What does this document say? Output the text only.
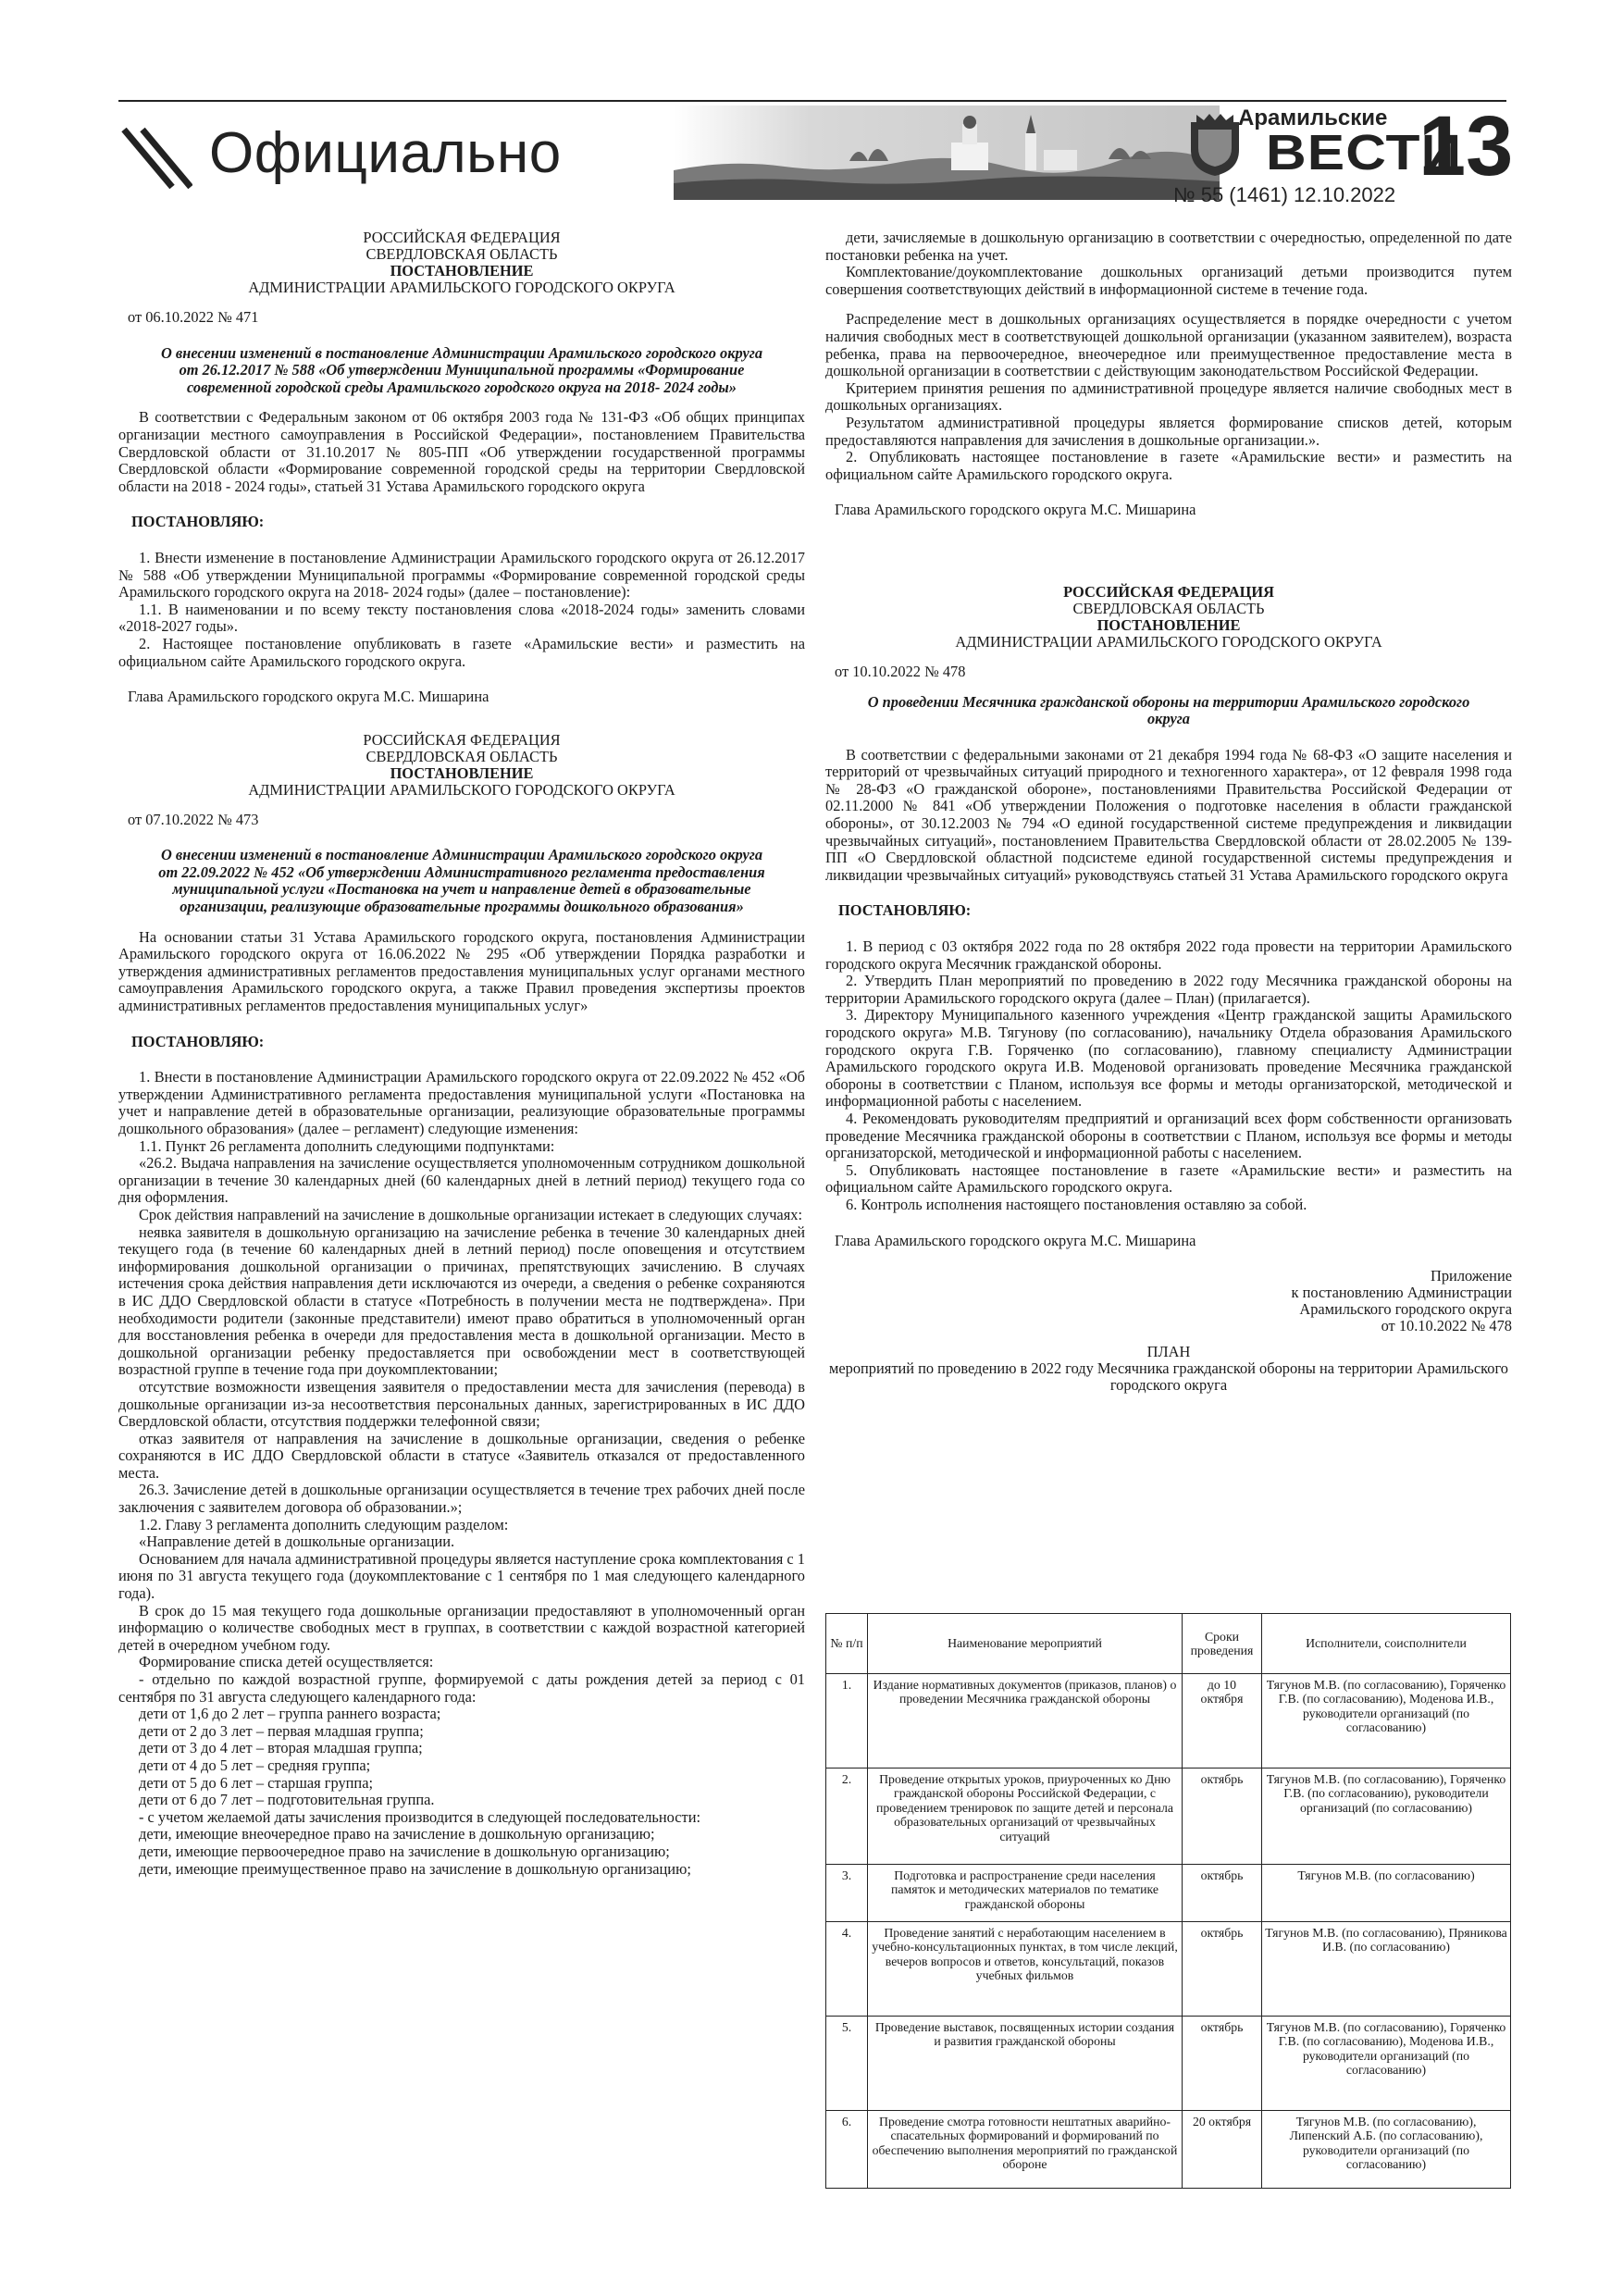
Официально
Арамильские
ВЕСТИ
13
№ 55 (1461) 12.10.2022

РОССИЙСКАЯ ФЕДЕРАЦИЯ

СВЕРДЛОВСКАЯ ОБЛАСТЬ

ПОСТАНОВЛЕНИЕ

АДМИНИСТРАЦИИ АРАМИЛЬСКОГО ГОРОДСКОГО ОКРУГА

от 06.10.2022 № 471

О внесении изменений в постановление Администрации Арамильского городского округа от 26.12.2017 № 588 «Об утверждении Муниципальной программы «Формирование современной городской среды Арамильского городского округа на 2018- 2024 годы»

В соответствии с Федеральным законом от 06 октября 2003 года № 131-ФЗ «Об общих принципах организации местного самоуправления в Российской Федерации», постановлением Правительства Свердловской области от 31.10.2017 № 805-ПП «Об утверждении государственной программы Свердловской области «Формирование современной городской среды на территории Свердловской области на 2018 - 2024 годы», статьей 31 Устава Арамильского городского округа

ПОСТАНОВЛЯЮ:

1. Внести изменение в постановление Администрации Арамильского городского округа от 26.12.2017 № 588 «Об утверждении Муниципальной программы «Формирование современной городской среды Арамильского городского округа на 2018- 2024 годы» (далее – постановление):

1.1. В наименовании и по всему тексту постановления слова «2018-2024 годы» заменить словами «2018-2027 годы».

2. Настоящее постановление опубликовать в газете «Арамильские вести» и разместить на официальном сайте Арамильского городского округа.

Глава Арамильского городского округа М.С. Мишарина

РОССИЙСКАЯ ФЕДЕРАЦИЯ

СВЕРДЛОВСКАЯ ОБЛАСТЬ

ПОСТАНОВЛЕНИЕ

АДМИНИСТРАЦИИ АРАМИЛЬСКОГО ГОРОДСКОГО ОКРУГА

от 07.10.2022 № 473

О внесении изменений в постановление Администрации Арамильского городского округа от 22.09.2022 № 452 «Об утверждении Административного регламента предоставления муниципальной услуги «Постановка на учет и направление детей в образовательные организации, реализующие образовательные программы дошкольного образования»

На основании статьи 31 Устава Арамильского городского округа, постановления Администрации Арамильского городского округа от 16.06.2022 № 295 «Об утверждении Порядка разработки и утверждения административных регламентов предоставления муниципальных услуг органами местного самоуправления Арамильского городского округа, а также Правил проведения экспертизы проектов административных регламентов предоставления муниципальных услуг»

ПОСТАНОВЛЯЮ:

1. Внести в постановление Администрации Арамильского городского округа от 22.09.2022 № 452 «Об утверждении Административного регламента предоставления муниципальной услуги «Постановка на учет и направление детей в образовательные организации, реализующие образовательные программы дошкольного образования» (далее – регламент) следующие изменения:

1.1. Пункт 26 регламента дополнить следующими подпунктами:

«26.2. Выдача направления на зачисление осуществляется уполномоченным сотрудником дошкольной организации в течение 30 календарных дней (60 календарных дней в летний период) текущего года со дня оформления.

Срок действия направлений на зачисление в дошкольные организации истекает в следующих случаях:

неявка заявителя в дошкольную организацию на зачисление ребенка в течение 30 календарных дней текущего года (в течение 60 календарных дней в летний период) после оповещения и отсутствием информирования дошкольной организации о причинах, препятствующих зачислению. В случаях истечения срока действия направления дети исключаются из очереди, а сведения о ребенке сохраняются в ИС ДДО Свердловской области в статусе «Потребность в получении места не подтверждена». При необходимости родители (законные представители) имеют право обратиться в уполномоченный орган для восстановления ребенка в очереди для предоставления места в дошкольной организации. Место в дошкольной организации ребенку предоставляется при освобождении мест в соответствующей возрастной группе в течение года при доукомплектовании;

отсутствие возможности извещения заявителя о предоставлении места для зачисления (перевода) в дошкольные организации из-за несоответствия персональных данных, зарегистрированных в ИС ДДО Свердловской области, отсутствия поддержки телефонной связи;

отказ заявителя от направления на зачисление в дошкольные организации, сведения о ребенке сохраняются в ИС ДДО Свердловской области в статусе «Заявитель отказался от предоставленного места.

26.3. Зачисление детей в дошкольные организации осуществляется в течение трех рабочих дней после заключения с заявителем договора об образовании.»;

1.2. Главу 3 регламента дополнить следующим разделом:

«Направление детей в дошкольные организации.

Основанием для начала административной процедуры является наступление срока комплектования с 1 июня по 31 августа текущего года (доукомплектование с 1 сентября по 1 мая следующего календарного года).

В срок до 15 мая текущего года дошкольные организации предоставляют в уполномоченный орган информацию о количестве свободных мест в группах, в соответствии с каждой возрастной категорией детей в очередном учебном году.

Формирование списка детей осуществляется:

- отдельно по каждой возрастной группе, формируемой с даты рождения детей за период с 01 сентября по 31 августа следующего календарного года:

дети от 1,6 до 2 лет – группа раннего возраста;

дети от 2 до 3 лет – первая младшая группа;

дети от 3 до 4 лет – вторая младшая группа;

дети от 4 до 5 лет – средняя группа;

дети от 5 до 6 лет – старшая группа;

дети от 6 до 7 лет – подготовительная группа.

- с учетом желаемой даты зачисления производится в следующей последовательности:

дети, имеющие внеочередное право на зачисление в дошкольную организацию;

дети, имеющие первоочередное право на зачисление в дошкольную организацию;

дети, имеющие преимущественное право на зачисление в дошкольную организацию;

дети, зачисляемые в дошкольную организацию в соответствии с очередностью, определенной по дате постановки ребенка на учет.

Комплектование/доукомплектование дошкольных организаций детьми производится путем совершения соответствующих действий в информационной системе в течение года.

Распределение мест в дошкольных организациях осуществляется в порядке очередности с учетом наличия свободных мест в соответствующей дошкольной организации (указанном заявителем), возраста ребенка, права на первоочередное, внеочередное или преимущественное предоставление места в дошкольной организации в соответствии с действующим законодательством Российской Федерации.

Критерием принятия решения по административной процедуре является наличие свободных мест в дошкольных организациях.

Результатом административной процедуры является формирование списков детей, которым предоставляются направления для зачисления в дошкольные организации.».

2. Опубликовать настоящее постановление в газете «Арамильские вести» и разместить на официальном сайте Арамильского городского округа.

Глава Арамильского городского округа М.С. Мишарина

РОССИЙСКАЯ ФЕДЕРАЦИЯ

СВЕРДЛОВСКАЯ ОБЛАСТЬ

ПОСТАНОВЛЕНИЕ

АДМИНИСТРАЦИИ АРАМИЛЬСКОГО ГОРОДСКОГО ОКРУГА

от 10.10.2022 № 478

О проведении Месячника гражданской обороны на территории Арамильского городского округа

В соответствии с федеральными законами от 21 декабря 1994 года № 68-ФЗ «О защите населения и территорий от чрезвычайных ситуаций природного и техногенного характера», от 12 февраля 1998 года № 28-ФЗ «О гражданской обороне», постановлениями Правительства Российской Федерации от 02.11.2000 № 841 «Об утверждении Положения о подготовке населения в области гражданской обороны», от 30.12.2003 № 794 «О единой государственной системе предупреждения и ликвидации чрезвычайных ситуаций», постановлением Правительства Свердловской области от 28.02.2005 № 139-ПП «О Свердловской областной подсистеме единой государственной системы предупреждения и ликвидации чрезвычайных ситуаций» руководствуясь статьей 31 Устава Арамильского городского округа

ПОСТАНОВЛЯЮ:

1. В период с 03 октября 2022 года по 28 октября 2022 года провести на территории Арамильского городского округа Месячник гражданской обороны.

2. Утвердить План мероприятий по проведению в 2022 году Месячника гражданской обороны на территории Арамильского городского округа (далее – План) (прилагается).

3. Директору Муниципального казенного учреждения «Центр гражданской защиты Арамильского городского округа» М.В. Тягунову (по согласованию), начальнику Отдела образования Арамильского городского округа Г.В. Горяченко (по согласованию), главному специалисту Администрации Арамильского городского округа И.В. Моденовой организовать проведение Месячника гражданской обороны в соответствии с Планом, используя все формы и методы организаторской, методической и информационной работы с населением.

4. Рекомендовать руководителям предприятий и организаций всех форм собственности организовать проведение Месячника гражданской обороны в соответствии с Планом, используя все формы и методы организаторской, методической и информационной работы с населением.

5. Опубликовать настоящее постановление в газете «Арамильские вести» и разместить на официальном сайте Арамильского городского округа.

6. Контроль исполнения настоящего постановления оставляю за собой.

Глава Арамильского городского округа М.С. Мишарина

Приложение

к постановлению Администрации

Арамильского городского округа

от 10.10.2022 № 478

ПЛАН

мероприятий по проведению в 2022 году Месячника гражданской обороны на территории Арамильского городского округа

№ п/п	Наименование мероприятий	Сроки проведения	Исполнители, соисполнители
1.	Издание нормативных документов (приказов, планов) о проведении Месячника гражданской обороны	до 10 октября	Тягунов М.В. (по согласованию), Горяченко Г.В. (по согласованию), Моденова И.В., руководители организаций (по согласованию)
2.	Проведение открытых уроков, приуроченных ко Дню гражданской обороны Российской Федерации, с проведением тренировок по защите детей и персонала образовательных организаций от чрезвычайных ситуаций	октябрь	Тягунов М.В. (по согласованию), Горяченко Г.В. (по согласованию), руководители организаций (по согласованию)
3.	Подготовка и распространение среди населения памяток и методических материалов по тематике гражданской обороны	октябрь	Тягунов М.В. (по согласованию)
4.	Проведение занятий с неработающим населением в учебно-консультационных пунктах, в том числе лекций, вечеров вопросов и ответов, консультаций, показов учебных фильмов	октябрь	Тягунов М.В. (по согласованию), Пряникова И.В. (по согласованию)
5.	Проведение выставок, посвященных истории создания и развития гражданской обороны	октябрь	Тягунов М.В. (по согласованию), Горяченко Г.В. (по согласованию), Моденова И.В., руководители организаций (по согласованию)
6.	Проведение смотра готовности нештатных аварийно-спасательных формирований и формирований по обеспечению выполнения мероприятий по гражданской обороне	20 октября	Тягунов М.В. (по согласованию), Липенский А.Б. (по согласованию), руководители организаций (по согласованию)
